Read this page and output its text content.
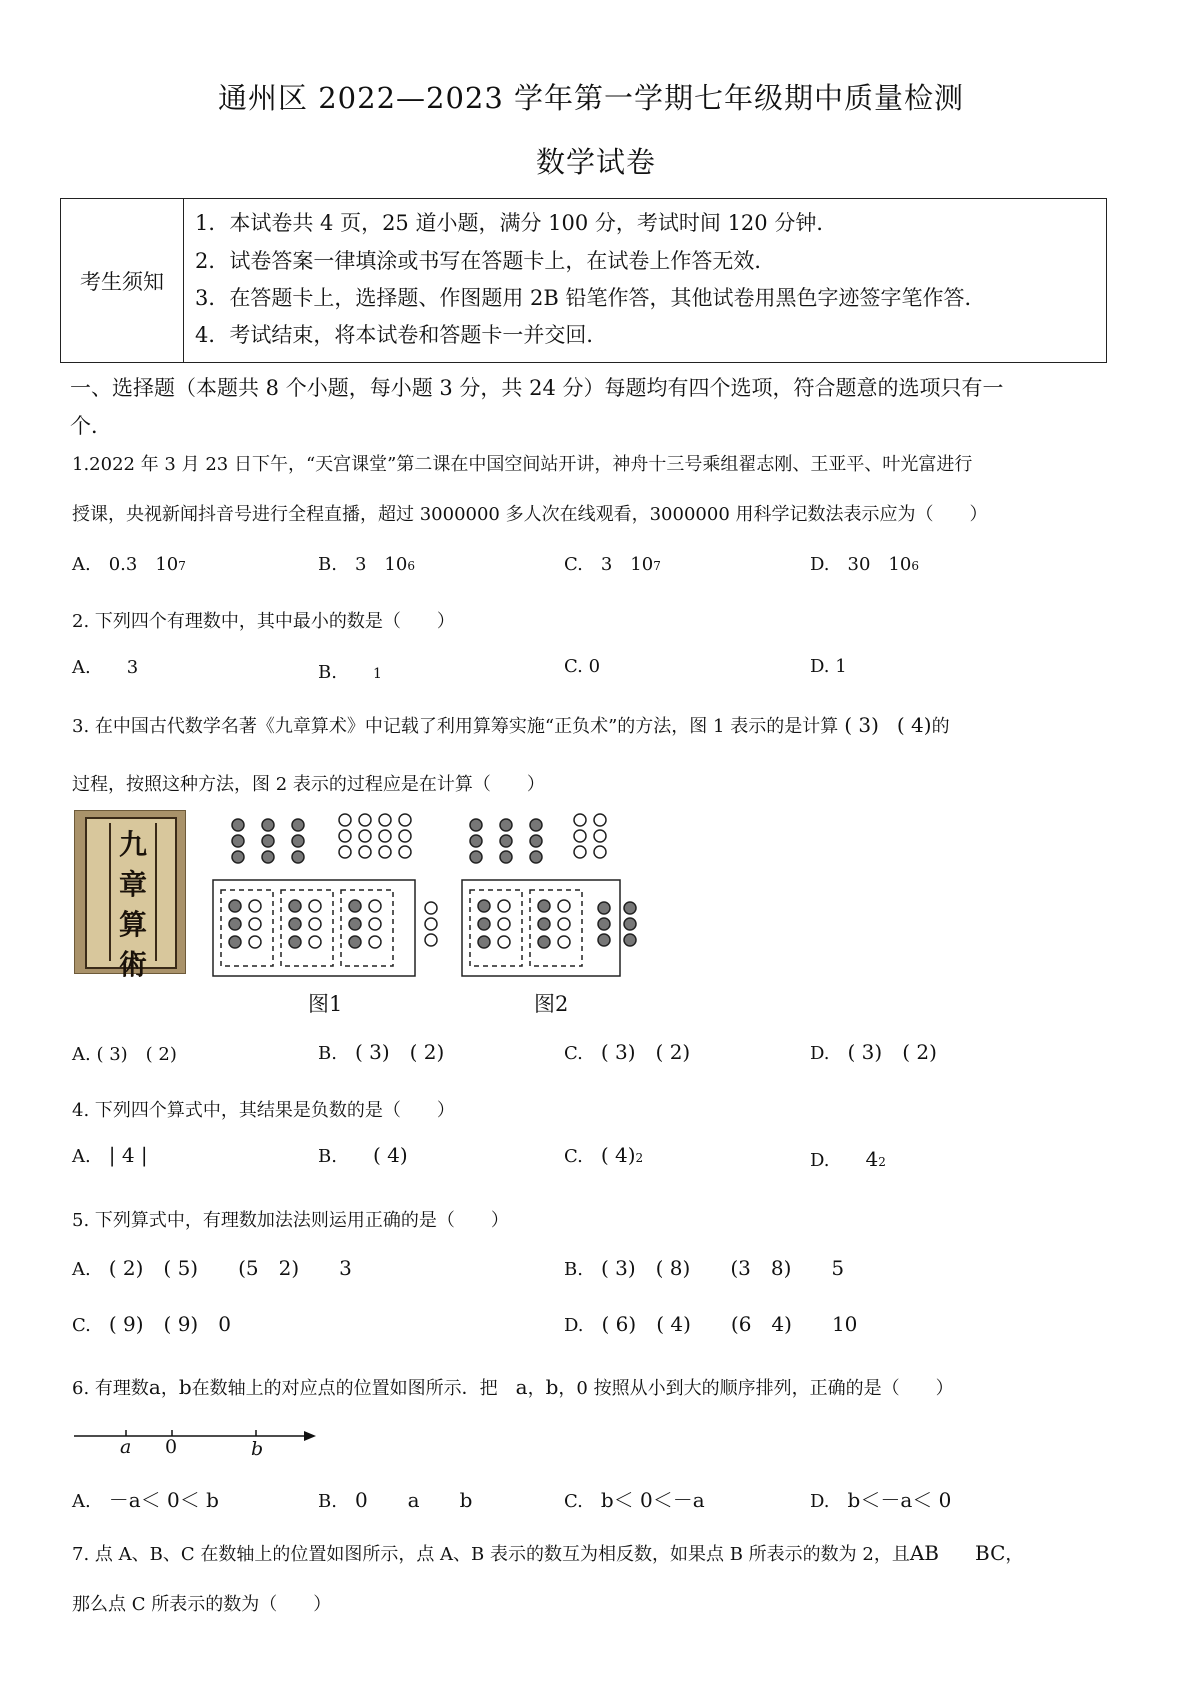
通州区 2022—2023 学年第一学期七年级期中质量检测
数学试卷
考生须知
1．本试卷共 4 页，25 道小题，满分 100 分，考试时间 120 分钟．
2．试卷答案一律填涂或书写在答题卡上，在试卷上作答无效．
3．在答题卡上，选择题、作图题用 2B 铅笔作答，其他试卷用黑色字迹签字笔作答．
4．考试结束，将本试卷和答题卡一并交回．
一、选择题（本题共 8 个小题，每小题 3 分，共 24 分）每题均有四个选项，符合题意的选项只有一
个．
1.2022 年 3 月 23 日下午，“天宫课堂”第二课在中国空间站开讲，神舟十三号乘组翟志刚、王亚平、叶光富进行
授课，央视新闻抖音号进行全程直播，超过 3000000 多人次在线观看，3000000 用科学记数法表示应为（　　）
A.　 0.3　107	B.　 3　106	C.　 3　107	D.　 30　106
2. 下列四个有理数中，其中最小的数是（　　）
A.　　 3	B.　　	1	C. 0	D. 1
3. 在中国古代数学名著《九章算术》中记载了利用算筹实施“正负术”的方法，图 1 表示的是计算 ( 3)　 ( 4)的
过程，按照这种方法，图 2 表示的过程应是在计算（　　）
九
章
算
術
图1	图2
A. ( 3)　( 2)	B.　 ( 3)　( 2)	C.　 ( 3)　( 2)	D.　 ( 3)　( 2)
4. 下列四个算式中，其结果是负数的是（　　）
A.　 | 4 |	B.　　 ( 4)	C.　 ( 4)2	D.　　 42
5. 下列算式中，有理数加法法则运用正确的是（　　）
A.　 ( 2)　( 5)　　(5　2)　　3	B.　 ( 3)　( 8)　　(3　8)　　5
C.　 ( 9)　( 9)　0	D.　 ( 6)　( 4)　　(6　4)　　10
6. 有理数a，b在数轴上的对应点的位置如图所示．把　 a，b，0 按照从小到大的顺序排列，正确的是（　　）
a 0	b
A.　 －a＜ 0＜ b	B.　 0　　a　　b	C.　 b＜ 0＜－a	D.　 b＜－a＜ 0
7. 点 A、B、C 在数轴上的位置如图所示，点 A、B 表示的数互为相反数，如果点 B 所表示的数为 2，且AB　　 BC，
那么点 C 所表示的数为（　　）
